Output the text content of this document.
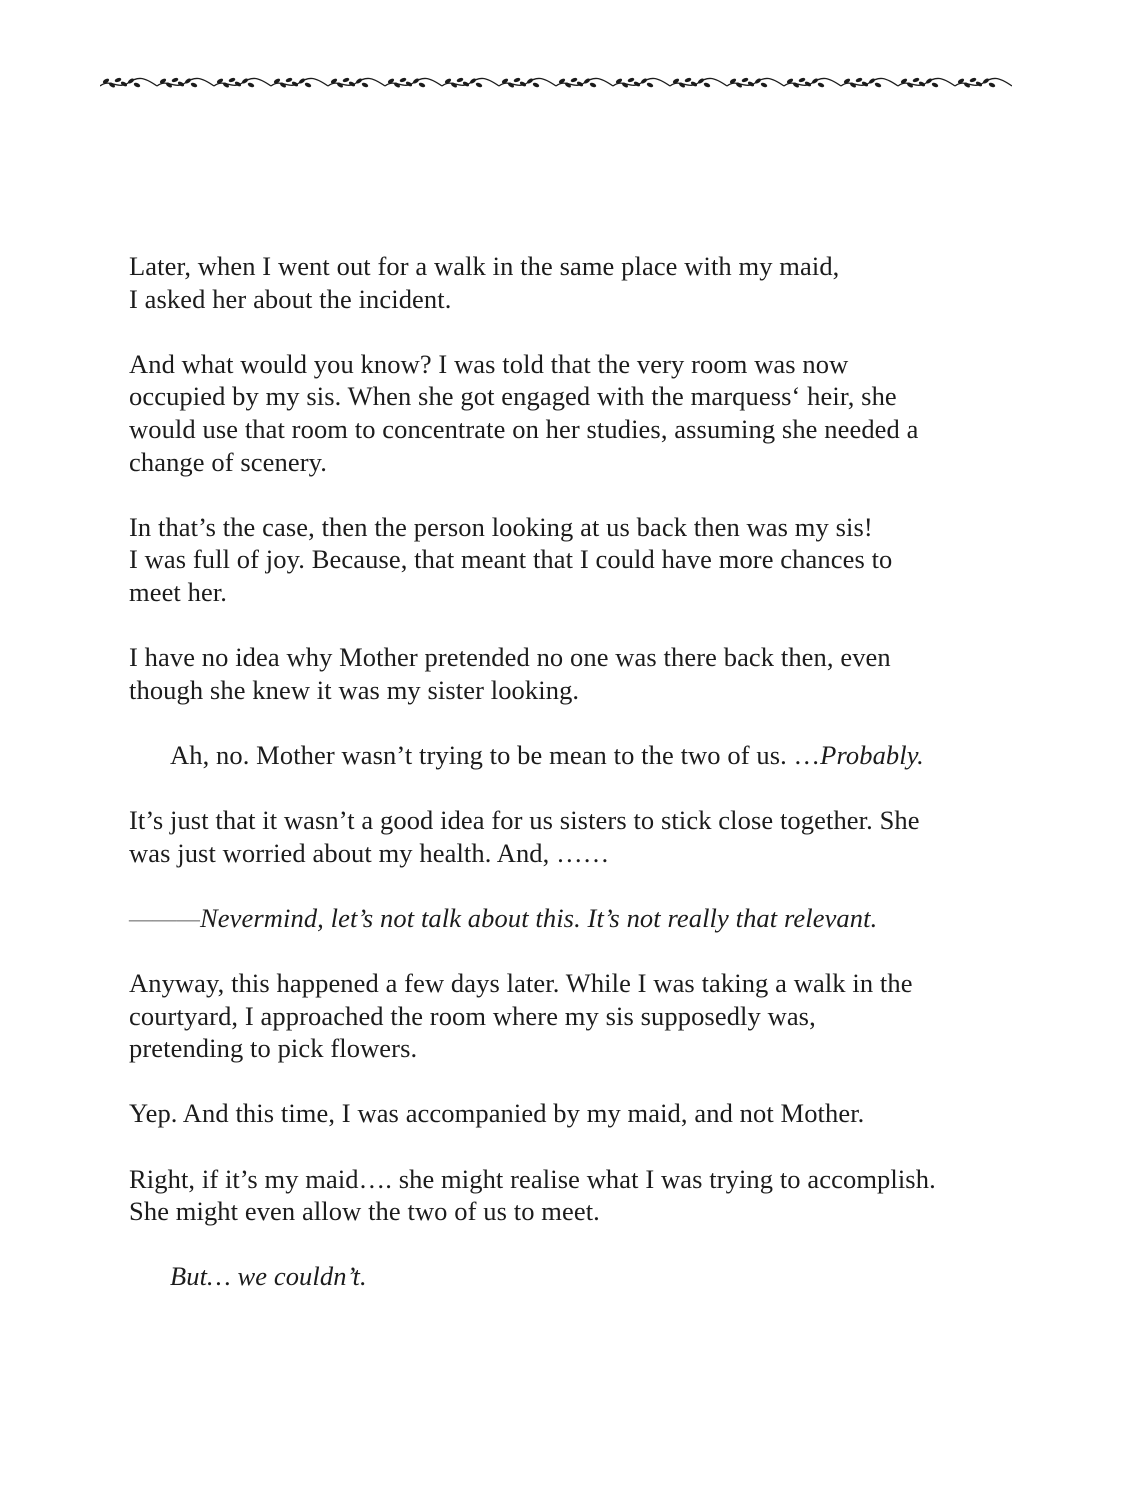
Later, when I went out for a walk in the same place with my maid,
I asked her about the incident.

And what would you know? I was told that the very room was now
occupied by my sis. When she got engaged with the marquess‘ heir, she
would use that room to concentrate on her studies, assuming she needed a
change of scenery.

In that’s the case, then the person looking at us back then was my sis!
I was full of joy. Because, that meant that I could have more chances to
meet her.

I have no idea why Mother pretended no one was there back then, even
though she knew it was my sister looking.

Ah, no. Mother wasn’t trying to be mean to the two of us. …Probably.

It’s just that it wasn’t a good idea for us sisters to stick close together. She
was just worried about my health. And, ……

———Nevermind, let’s not talk about this. It’s not really that relevant.

Anyway, this happened a few days later. While I was taking a walk in the
courtyard, I approached the room where my sis supposedly was,
pretending to pick flowers.

Yep. And this time, I was accompanied by my maid, and not Mother.

Right, if it’s my maid…. she might realise what I was trying to accomplish.
She might even allow the two of us to meet.

But… we couldn’t.
